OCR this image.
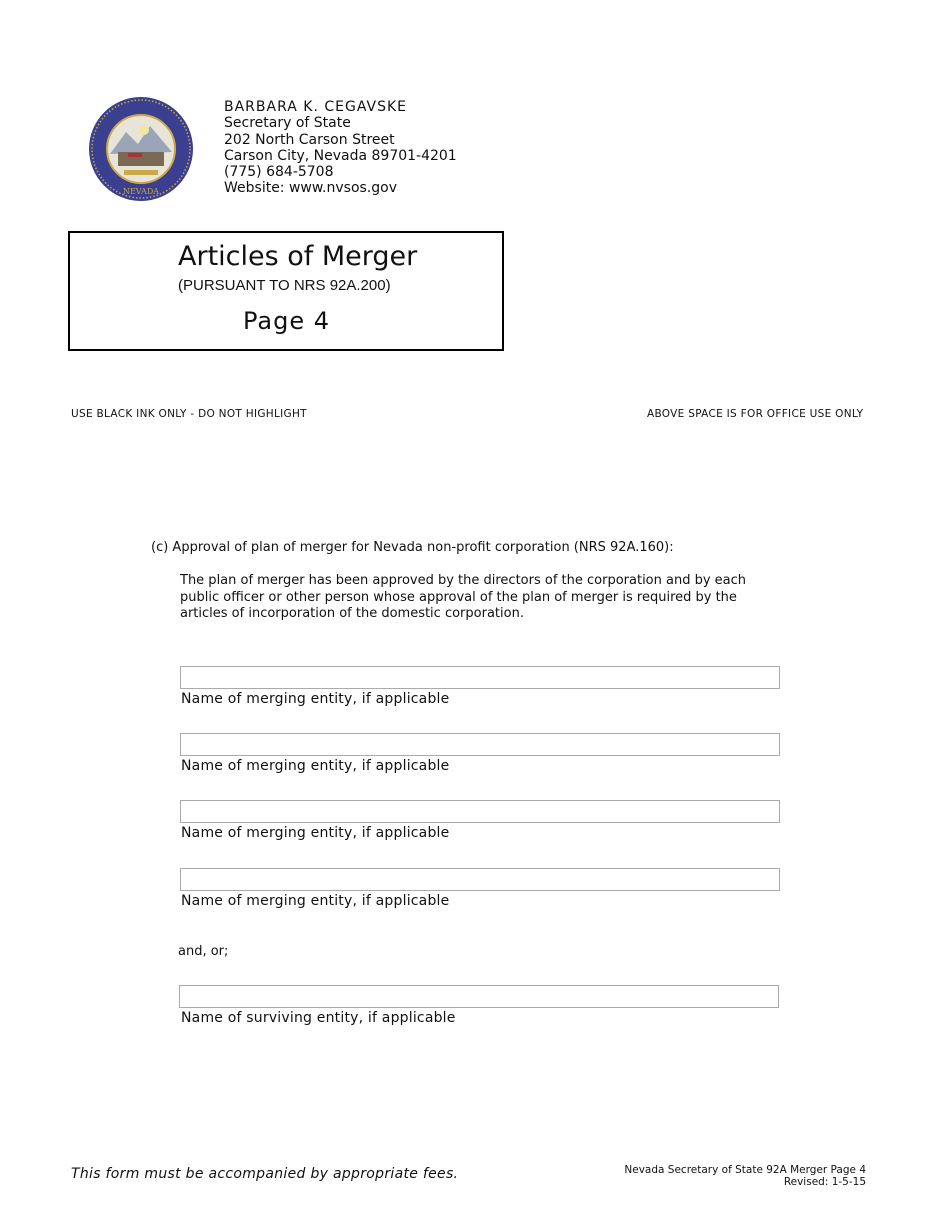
NEVADA
BARBARA K. CEGAVSKE
Secretary of State
202 North Carson Street
Carson City, Nevada 89701-4201
(775) 684-5708
Website: www.nvsos.gov
Articles of Merger
(PURSUANT TO NRS 92A.200)
Page 4
USE BLACK INK ONLY - DO NOT HIGHLIGHT	ABOVE SPACE IS FOR OFFICE USE ONLY
(c) Approval of plan of merger for Nevada non-profit corporation (NRS 92A.160):
The plan of merger has been approved by the directors of the corporation and by each
public officer or other person whose approval of the plan of merger is required by the
articles of incorporation of the domestic corporation.
Name of merging entity, if applicable
Name of merging entity, if applicable
Name of merging entity, if applicable
Name of merging entity, if applicable
and, or;
Name of surviving entity, if applicable
This form must be accompanied by appropriate fees.	Nevada Secretary of State 92A Merger Page 4
Revised: 1-5-15
